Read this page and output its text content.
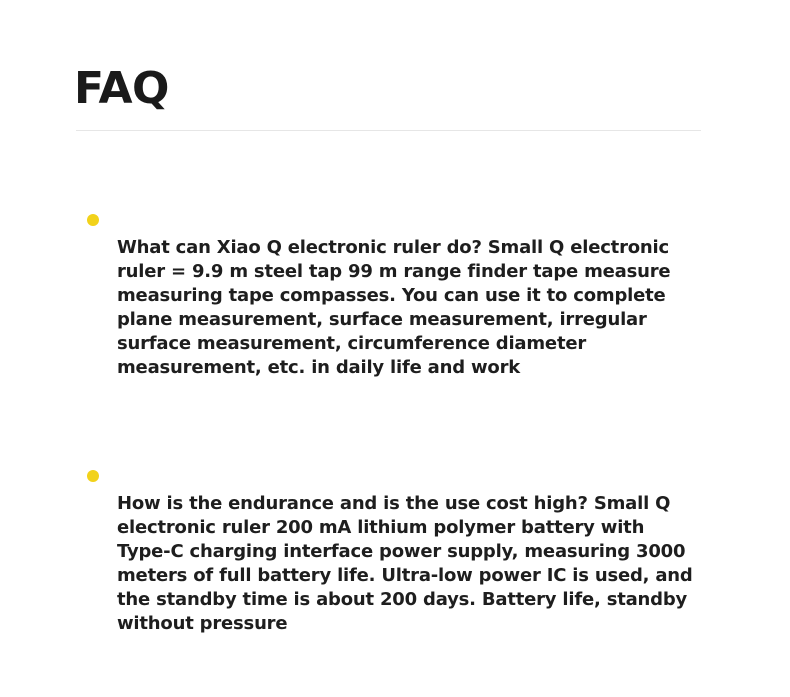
FAQ

What can Xiao Q electronic ruler do? Small Q electronic ruler = 9.9 m steel tap 99 m range finder tape measure measuring tape compasses. You can use it to complete plane measurement, surface measurement, irregular surface measurement, circumference diameter measurement, etc. in daily life and work

How is the endurance and is the use cost high? Small Q electronic ruler 200 mA lithium polymer battery with Type-C charging interface power supply, measuring 3000 meters of full battery life. Ultra-low power IC is used, and the standby time is about 200 days. Battery life, standby without pressure
